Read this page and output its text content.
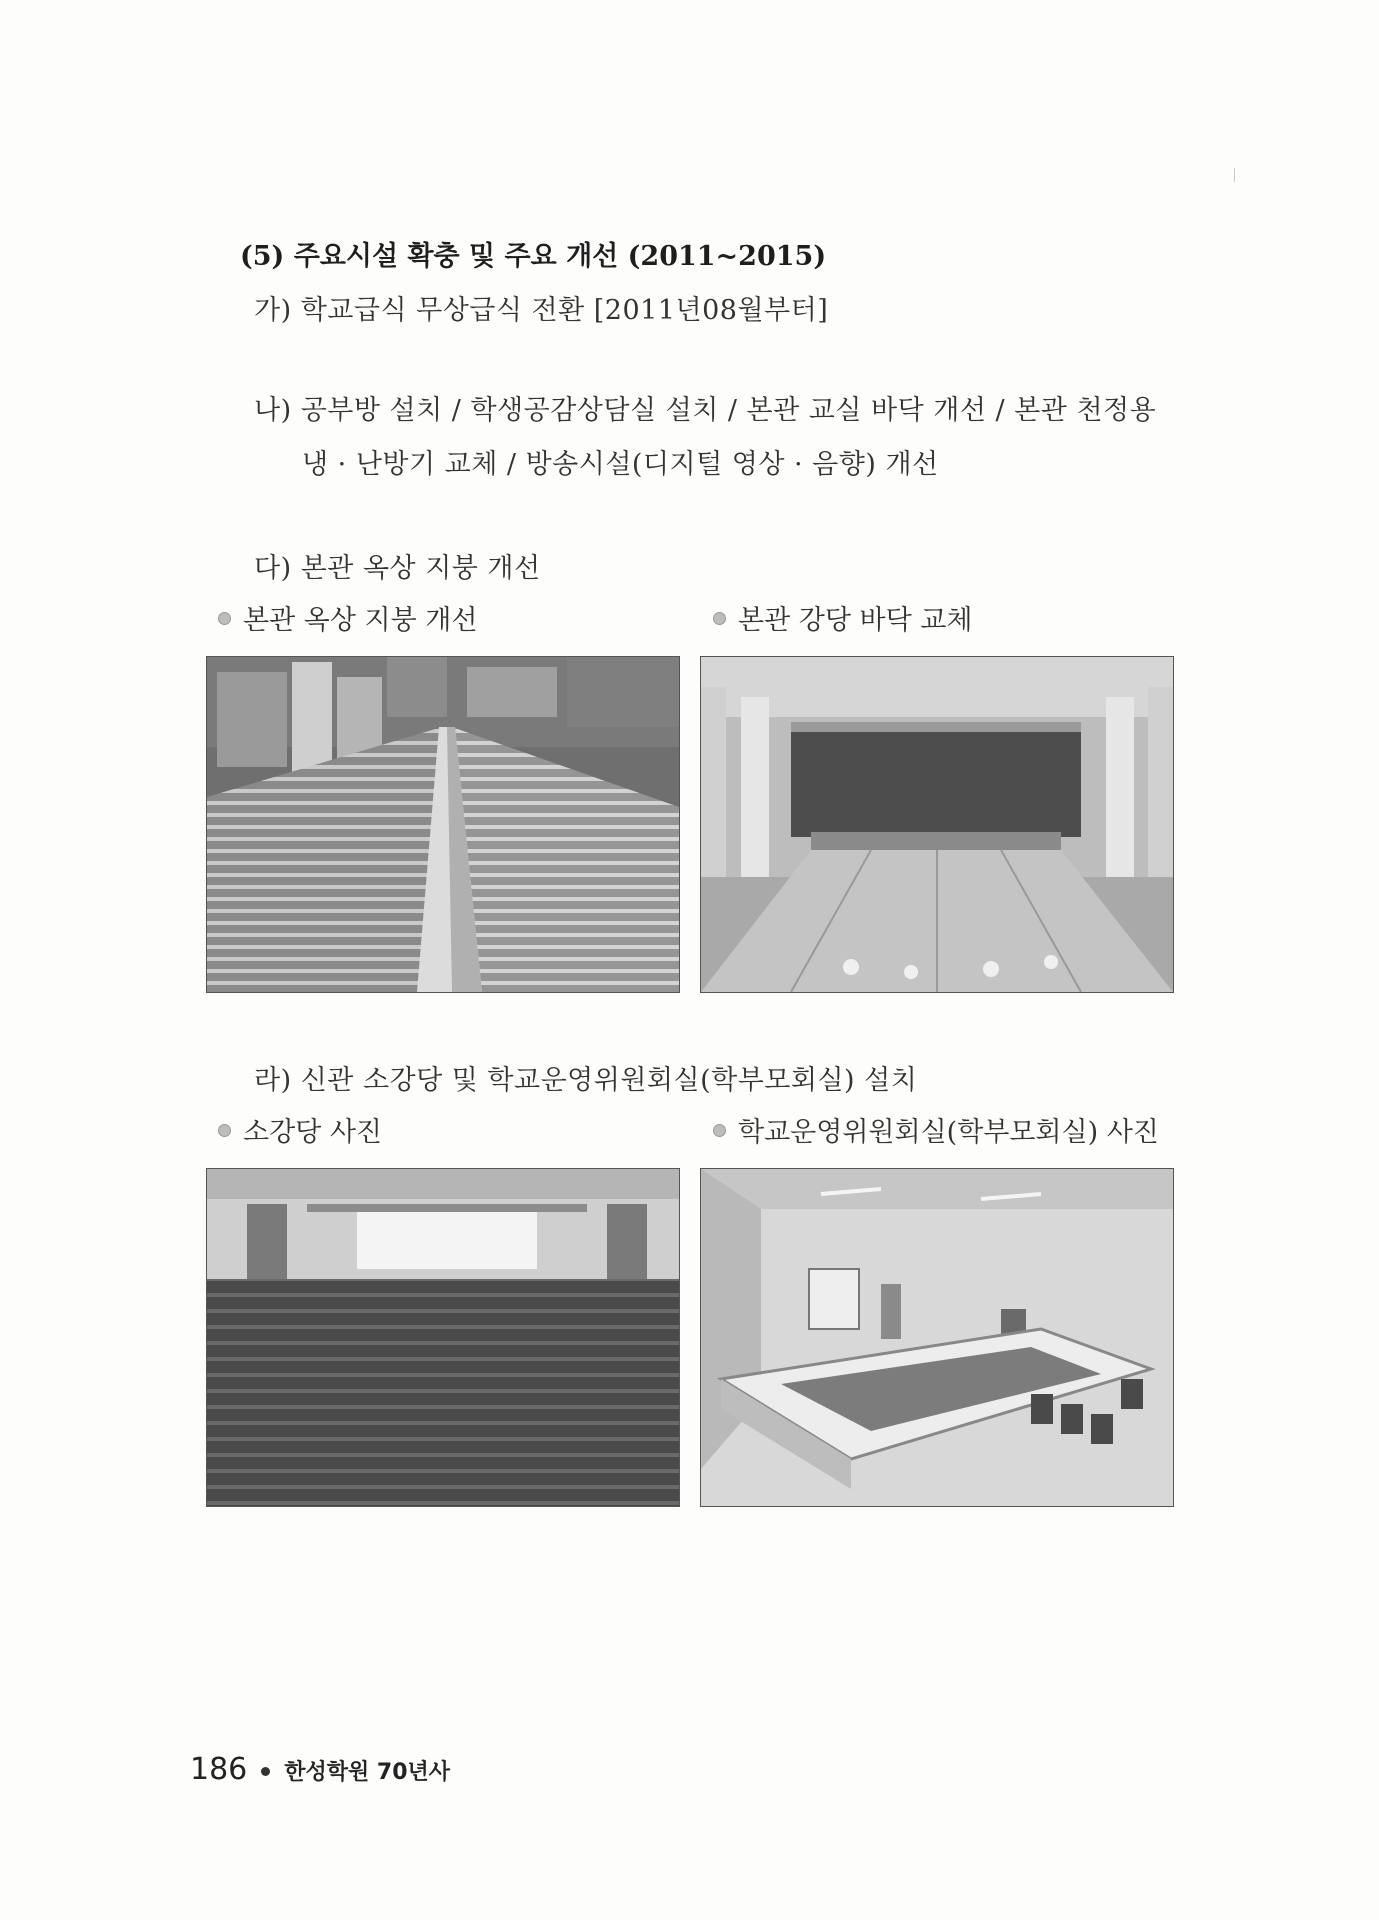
(5) 주요시설 확충 및 주요 개선 (2011~2015)
가) 학교급식 무상급식 전환 [2011년08월부터]
나) 공부방 설치 / 학생공감상담실 설치 / 본관 교실 바닥 개선 / 본관 천정용
냉 · 난방기 교체 / 방송시설(디지털 영상 · 음향) 개선
다) 본관 옥상 지붕 개선
본관 옥상 지붕 개선	본관 강당 바닥 교체
라) 신관 소강당 및 학교운영위원회실(학부모회실) 설치
소강당 사진	학교운영위원회실(학부모회실) 사진
186 한성학원 70년사
